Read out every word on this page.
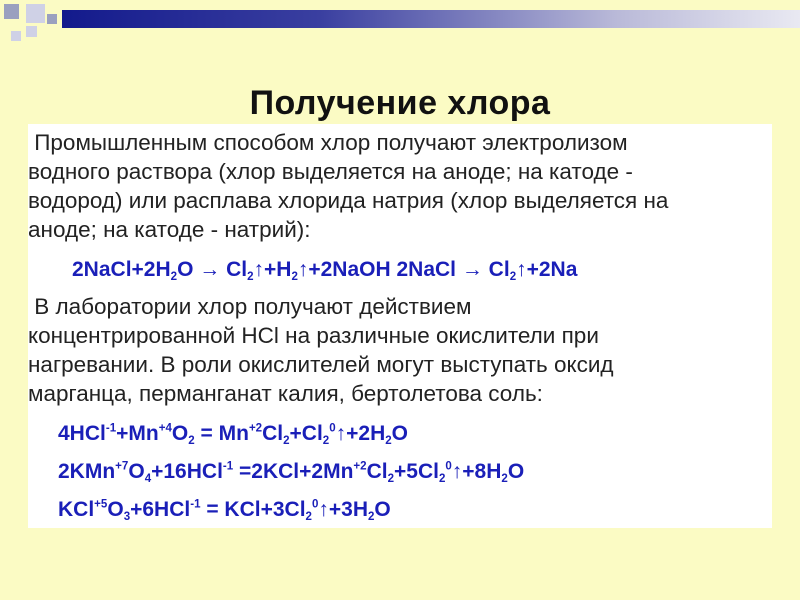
Получение хлора
Промышленным способом хлор получают электролизом
водного раствора (хлор выделяется на аноде; на катоде -
водород) или расплава хлорида натрия (хлор выделяется на
аноде; на катоде - натрий):
$2NaCl+2H_2O$ → $Cl_2↑+H_2↑+2NaOH$ 2NaCl → $Cl_2↑+2Na$
В лаборатории хлор получают действием
концентрированной HCl на различные окислители при
нагревании. В роли окислителей могут выступать оксид
марганца, перманганат калия, бертолетова соль:
$4HCl^{-1}+Mn^{+4}O_2$ = $Mn^{+2}Cl_2+Cl_2^0↑+2H_2O$
$2KMn^{+7}O_4+16HCl^{-1}$ $=2KCl+2Mn^{+2}Cl_2+5Cl_2^0↑+8H_2O$
$KCl^{+5}O_3+6HCl^{-1}$ = $KCl+3Cl_2^0↑+3H_2O$
